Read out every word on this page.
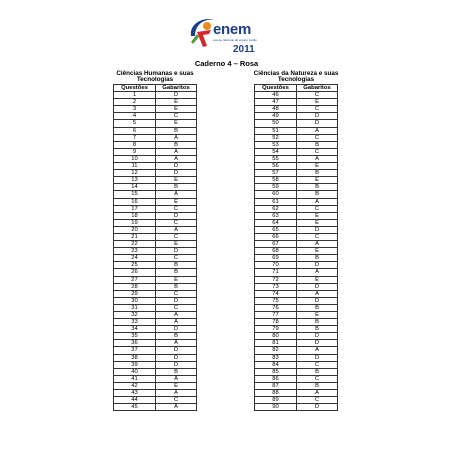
enem
exame nacional do ensino médio
2011
Caderno 4 – Rosa
Ciências Humanas e suas Tecnologias
Questões	Gabaritos
1	D
2	E
3	E
4	C
5	E
6	B
7	A
8	B
9	A
10	A
11	D
12	D
13	E
14	B
15	A
16	E
17	C
18	D
19	C
20	A
21	C
22	E
23	D
24	C
25	B
26	B
27	E
28	B
29	C
30	D
31	C
32	A
33	A
34	D
35	B
36	A
37	D
38	D
39	D
40	B
41	A
42	E
43	A
44	C
45	A
Ciências da Natureza e suas Tecnologias
Questões	Gabaritos
46	C
47	E
48	C
49	D
50	D
51	A
52	C
53	B
54	C
55	A
56	E
57	B
58	E
59	B
60	B
61	A
62	C
63	E
64	E
65	D
66	C
67	A
68	E
69	B
70	D
71	A
72	E
73	D
74	A
75	D
76	B
77	E
78	B
79	B
80	D
81	D
82	A
83	D
84	C
85	B
86	C
87	B
88	A
89	C
90	D
